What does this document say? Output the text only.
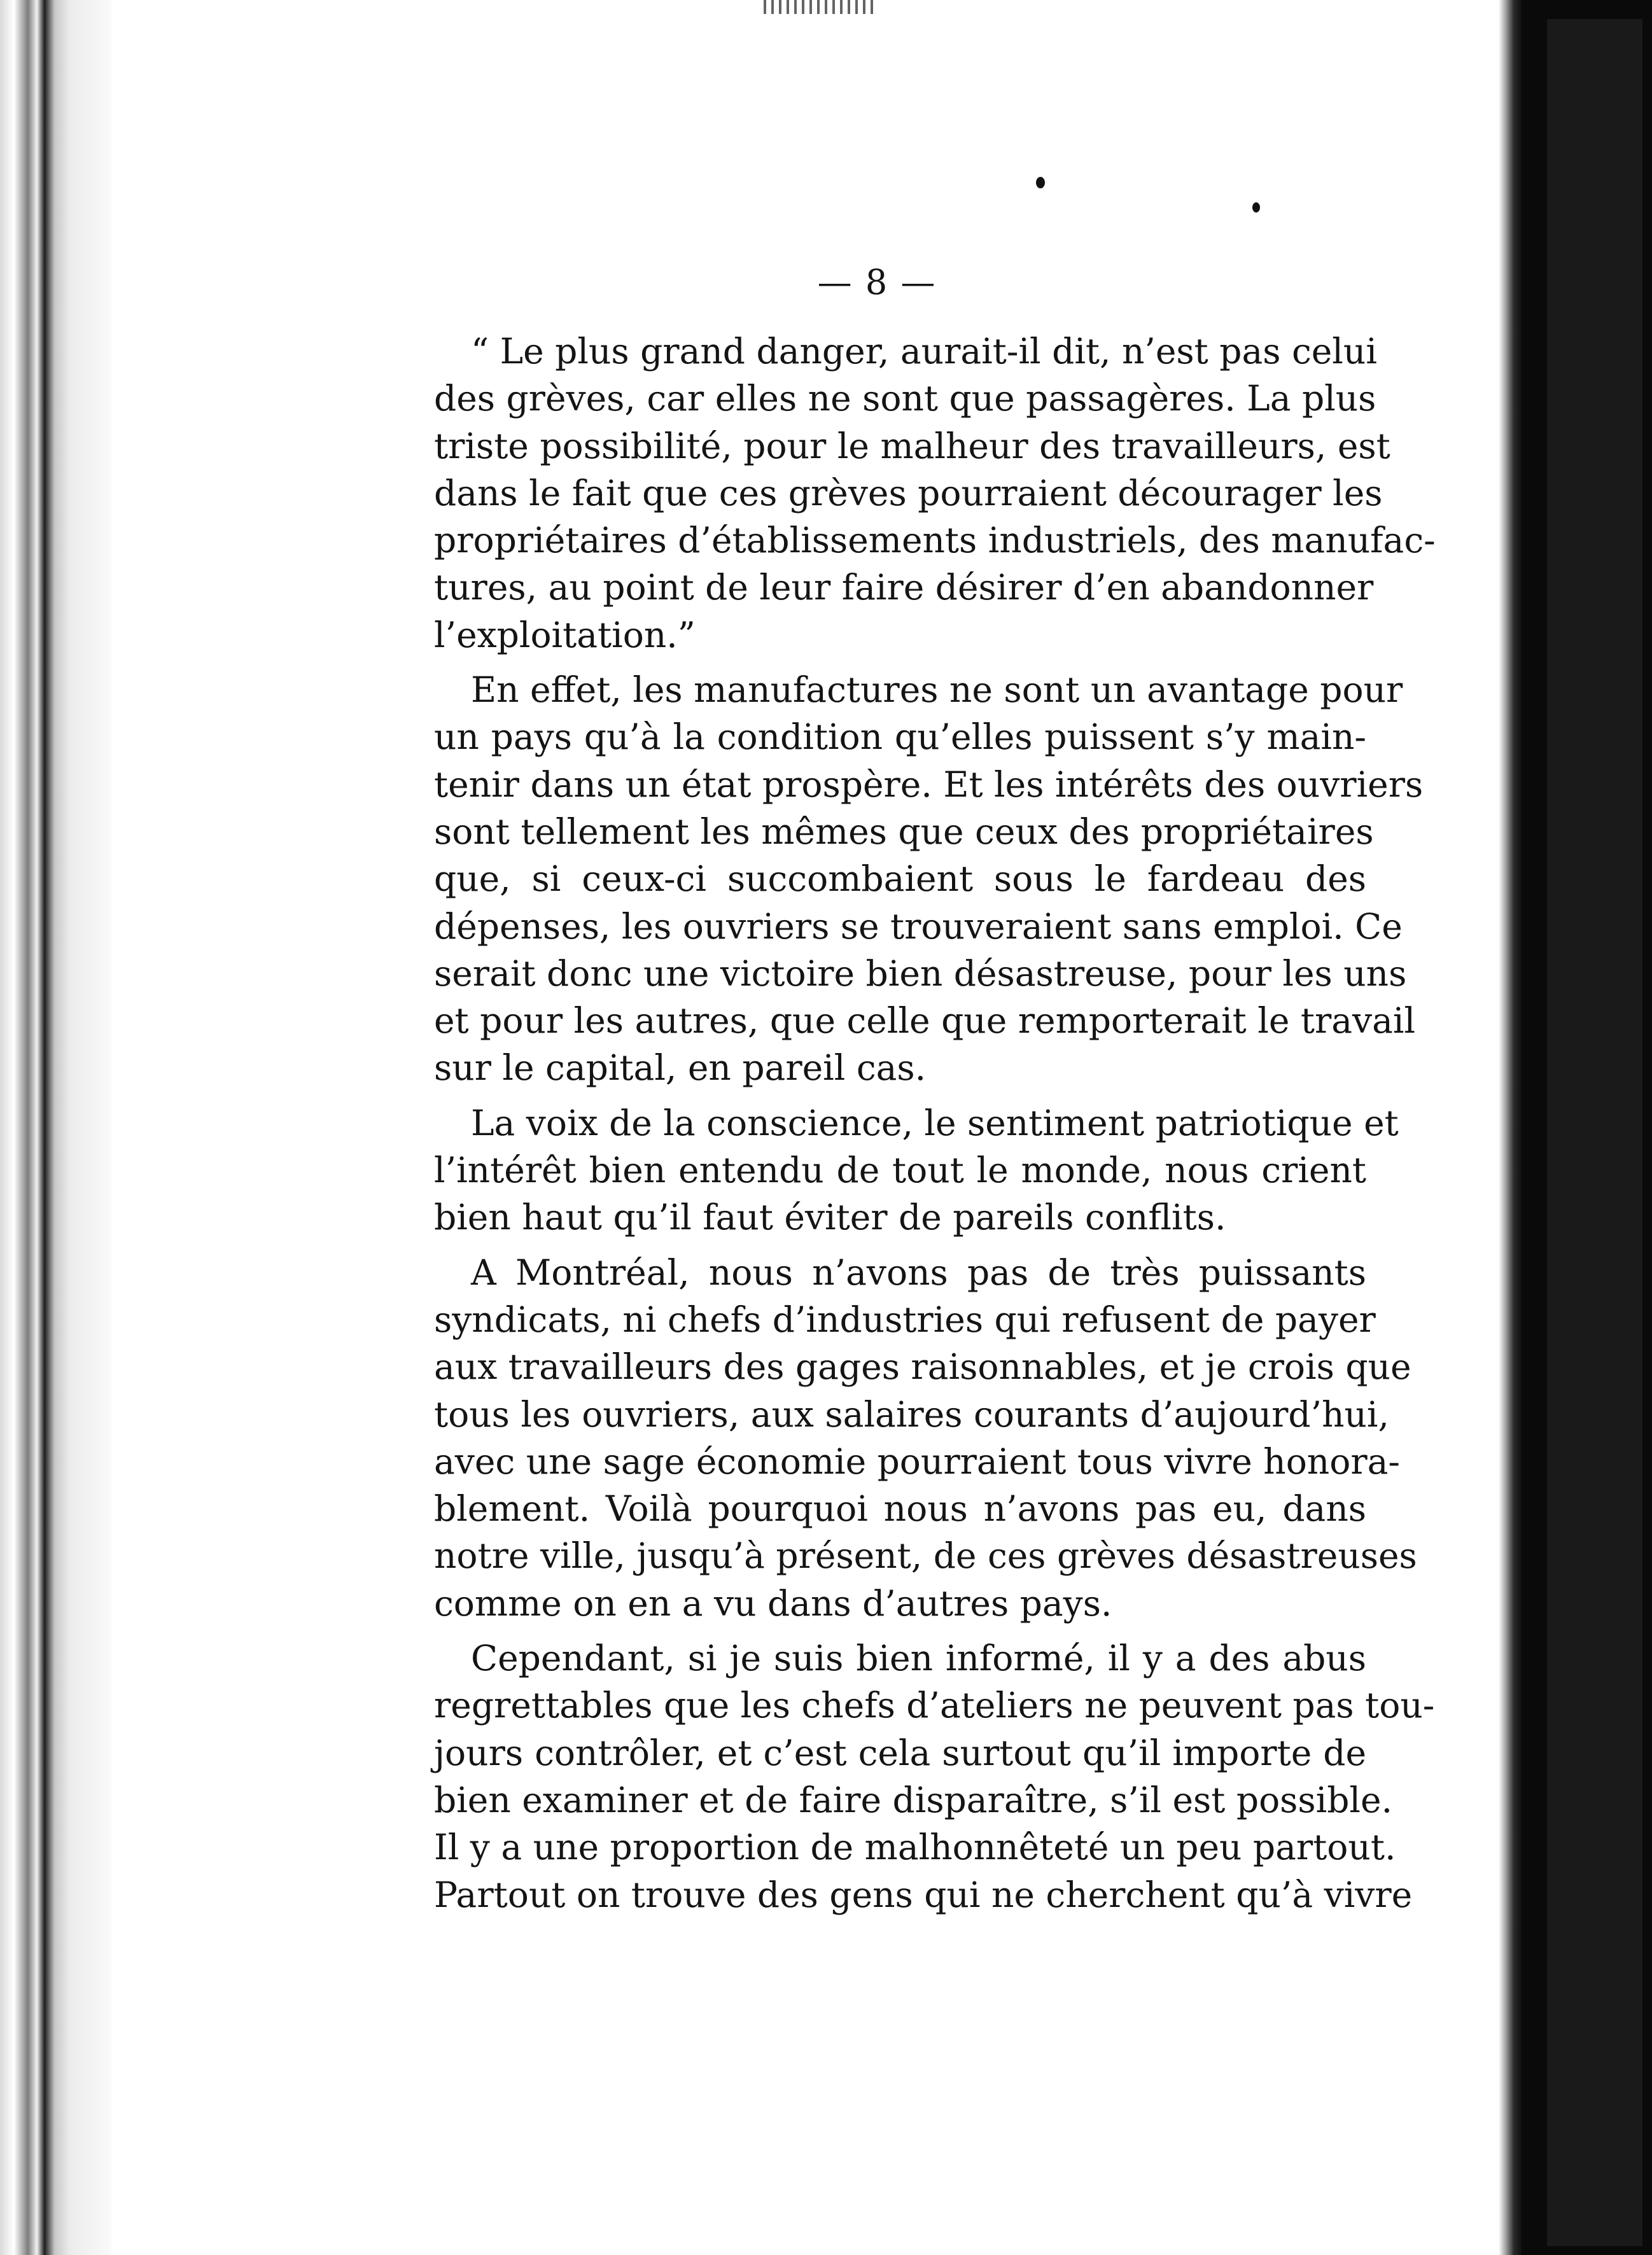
— 8 —

“ Le plus grand danger, aurait-il dit, n’est pas celui
des grèves, car elles ne sont que passagères. La plus
triste possibilité, pour le malheur des travailleurs, est
dans le fait que ces grèves pourraient décourager les
propriétaires d’établissements industriels, des manufac-
tures, au point de leur faire désirer d’en abandonner
l’exploitation.”

En effet, les manufactures ne sont un avantage pour
un pays qu’à la condition qu’elles puissent s’y main-
tenir dans un état prospère. Et les intérêts des ouvriers
sont tellement les mêmes que ceux des propriétaires
que, si ceux-ci succombaient sous le fardeau des
dépenses, les ouvriers se trouveraient sans emploi. Ce
serait donc une victoire bien désastreuse, pour les uns
et pour les autres, que celle que remporterait le travail
sur le capital, en pareil cas.

La voix de la conscience, le sentiment patriotique et
l’intérêt bien entendu de tout le monde, nous crient
bien haut qu’il faut éviter de pareils conflits.

A Montréal, nous n’avons pas de très puissants
syndicats, ni chefs d’industries qui refusent de payer
aux travailleurs des gages raisonnables, et je crois que
tous les ouvriers, aux salaires courants d’aujourd’hui,
avec une sage économie pourraient tous vivre honora-
blement. Voilà pourquoi nous n’avons pas eu, dans
notre ville, jusqu’à présent, de ces grèves désastreuses
comme on en a vu dans d’autres pays.

Cependant, si je suis bien informé, il y a des abus
regrettables que les chefs d’ateliers ne peuvent pas tou-
jours contrôler, et c’est cela surtout qu’il importe de
bien examiner et de faire disparaître, s’il est possible.
Il y a une proportion de malhonnêteté un peu partout.
Partout on trouve des gens qui ne cherchent qu’à vivre
